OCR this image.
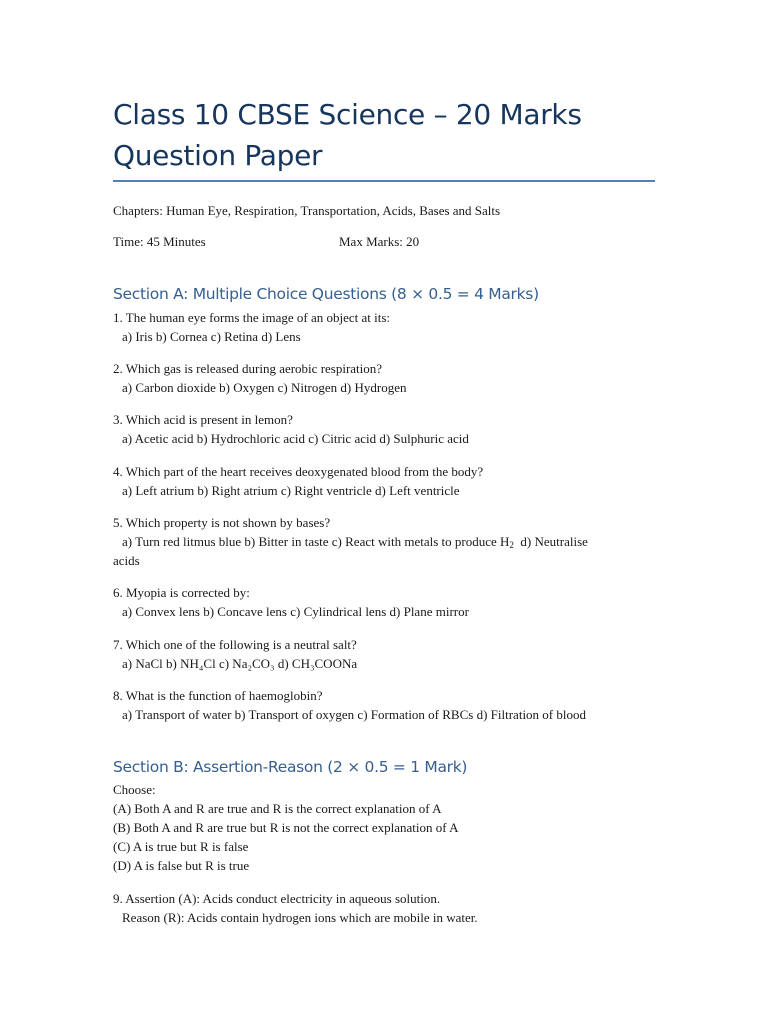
Class 10 CBSE Science – 20 Marks
Question Paper
Chapters: Human Eye, Respiration, Transportation, Acids, Bases and Salts
Time: 45 Minutes	Max Marks: 20
Section A: Multiple Choice Questions (8 × 0.5 = 4 Marks)
1. The human eye forms the image of an object at its:
a) Iris b) Cornea c) Retina d) Lens
2. Which gas is released during aerobic respiration?
a) Carbon dioxide b) Oxygen c) Nitrogen d) Hydrogen
3. Which acid is present in lemon?
a) Acetic acid b) Hydrochloric acid c) Citric acid d) Sulphuric acid
4. Which part of the heart receives deoxygenated blood from the body?
a) Left atrium b) Right atrium c) Right ventricle d) Left ventricle
5. Which property is not shown by bases?
a) Turn red litmus blue b) Bitter in taste c) React with metals to produce $H_2$  d) Neutralise
acids
6. Myopia is corrected by:
a) Convex lens b) Concave lens c) Cylindrical lens d) Plane mirror
7. Which one of the following is a neutral salt?
a) NaCl b) NH₄Cl c) Na₂CO₃ d) CH₃COONa
8. What is the function of haemoglobin?
a) Transport of water b) Transport of oxygen c) Formation of RBCs d) Filtration of blood
Section B: Assertion-Reason (2 × 0.5 = 1 Mark)
Choose:
(A) Both A and R are true and R is the correct explanation of A
(B) Both A and R are true but R is not the correct explanation of A
(C) A is true but R is false
(D) A is false but R is true
9. Assertion (A): Acids conduct electricity in aqueous solution.
Reason (R): Acids contain hydrogen ions which are mobile in water.
